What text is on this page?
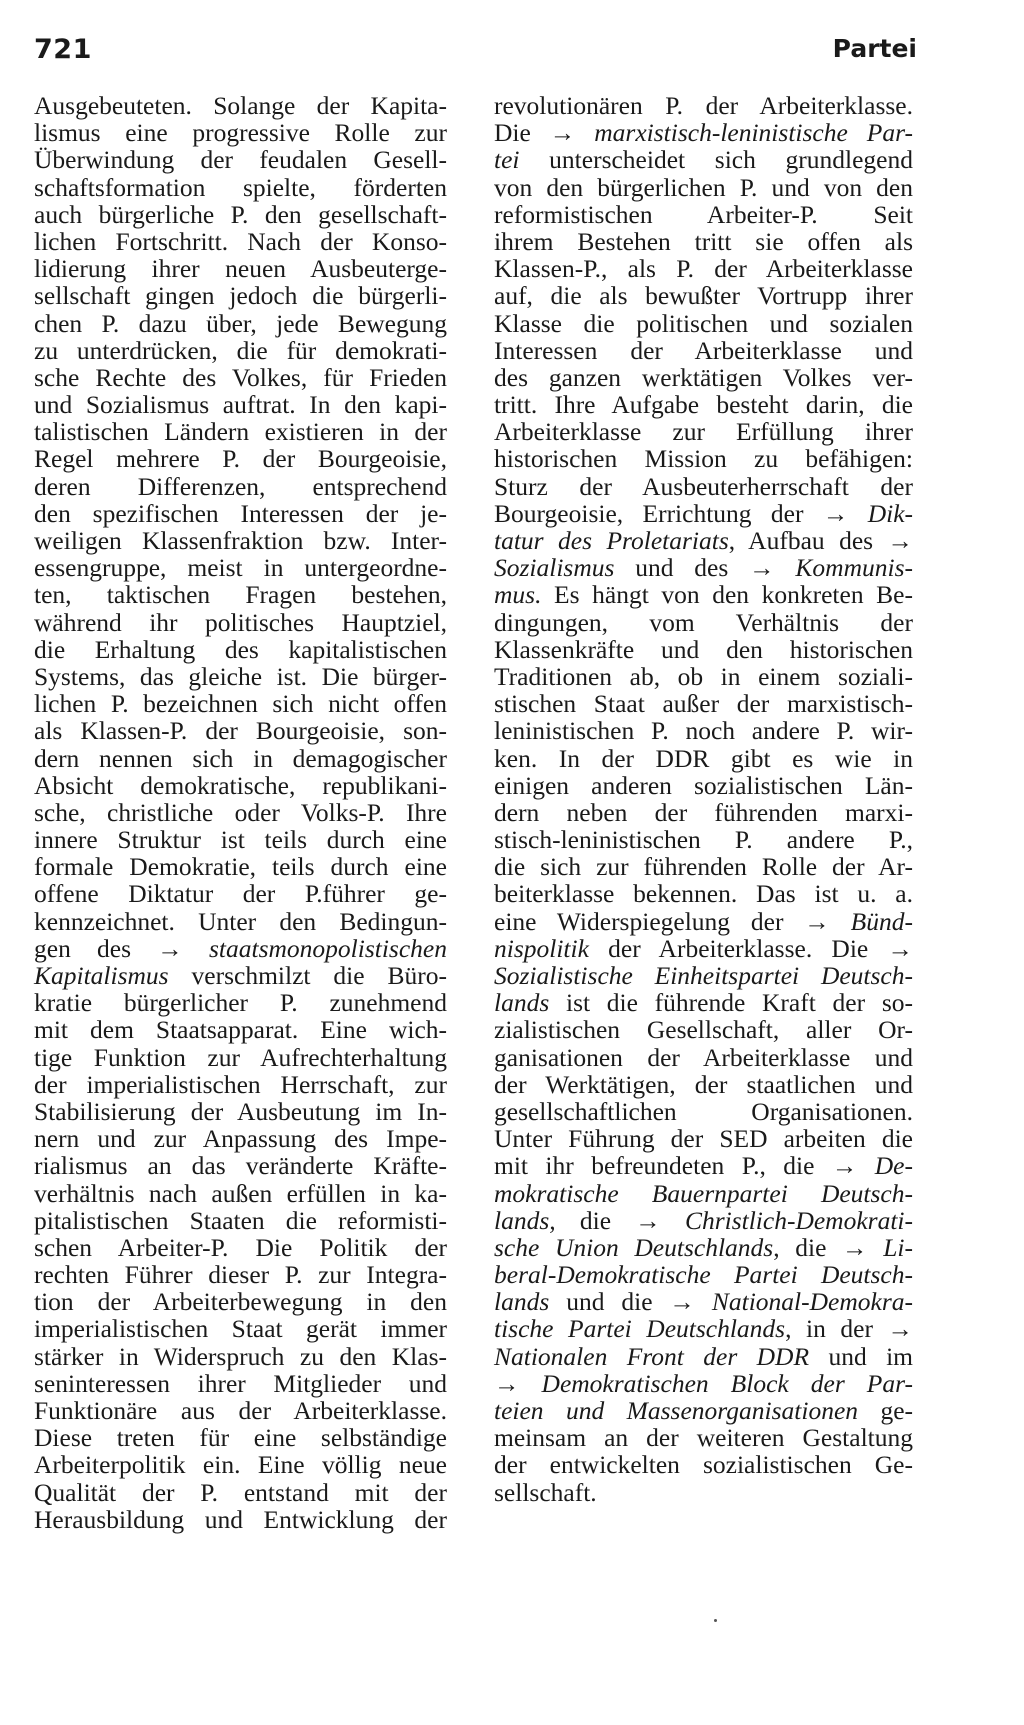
721	Partei
Ausgebeuteten. Solange der Kapita-
lismus eine progressive Rolle zur
Überwindung der feudalen Gesell-
schaftsformation spielte, förderten
auch bürgerliche P. den gesellschaft-
lichen Fortschritt. Nach der Konso-
lidierung ihrer neuen Ausbeuterge-
sellschaft gingen jedoch die bürgerli-
chen P. dazu über, jede Bewegung
zu unterdrücken, die für demokrati-
sche Rechte des Volkes, für Frieden
und Sozialismus auftrat. In den kapi-
talistischen Ländern existieren in der
Regel mehrere P. der Bourgeoisie,
deren Differenzen, entsprechend
den spezifischen Interessen der je-
weiligen Klassenfraktion bzw. Inter-
essengruppe, meist in untergeordne-
ten, taktischen Fragen bestehen,
während ihr politisches Hauptziel,
die Erhaltung des kapitalistischen
Systems, das gleiche ist. Die bürger-
lichen P. bezeichnen sich nicht offen
als Klassen-P. der Bourgeoisie, son-
dern nennen sich in demagogischer
Absicht demokratische, republikani-
sche, christliche oder Volks-P. Ihre
innere Struktur ist teils durch eine
formale Demokratie, teils durch eine
offene Diktatur der P.führer ge-
kennzeichnet. Unter den Bedingun-
gen des → staatsmonopolistischen
Kapitalismus verschmilzt die Büro-
kratie bürgerlicher P. zunehmend
mit dem Staatsapparat. Eine wich-
tige Funktion zur Aufrechterhaltung
der imperialistischen Herrschaft, zur
Stabilisierung der Ausbeutung im In-
nern und zur Anpassung des Impe-
rialismus an das veränderte Kräfte-
verhältnis nach außen erfüllen in ka-
pitalistischen Staaten die reformisti-
schen Arbeiter-P. Die Politik der
rechten Führer dieser P. zur Integra-
tion der Arbeiterbewegung in den
imperialistischen Staat gerät immer
stärker in Widerspruch zu den Klas-
seninteressen ihrer Mitglieder und
Funktionäre aus der Arbeiterklasse.
Diese treten für eine selbständige
Arbeiterpolitik ein. Eine völlig neue
Qualität der P. entstand mit der
Herausbildung und Entwicklung der
revolutionären P. der Arbeiterklasse.
Die → marxistisch-leninistische Par-
tei unterscheidet sich grundlegend
von den bürgerlichen P. und von den
reformistischen Arbeiter-P. Seit
ihrem Bestehen tritt sie offen als
Klassen-P., als P. der Arbeiterklasse
auf, die als bewußter Vortrupp ihrer
Klasse die politischen und sozialen
Interessen der Arbeiterklasse und
des ganzen werktätigen Volkes ver-
tritt. Ihre Aufgabe besteht darin, die
Arbeiterklasse zur Erfüllung ihrer
historischen Mission zu befähigen:
Sturz der Ausbeuterherrschaft der
Bourgeoisie, Errichtung der → Dik-
tatur des Proletariats, Aufbau des →
Sozialismus und des → Kommunis-
mus. Es hängt von den konkreten Be-
dingungen, vom Verhältnis der
Klassenkräfte und den historischen
Traditionen ab, ob in einem soziali-
stischen Staat außer der marxistisch-
leninistischen P. noch andere P. wir-
ken. In der DDR gibt es wie in
einigen anderen sozialistischen Län-
dern neben der führenden marxi-
stisch-leninistischen P. andere P.,
die sich zur führenden Rolle der Ar-
beiterklasse bekennen. Das ist u. a.
eine Widerspiegelung der → Bünd-
nispolitik der Arbeiterklasse. Die →
Sozialistische Einheitspartei Deutsch-
lands ist die führende Kraft der so-
zialistischen Gesellschaft, aller Or-
ganisationen der Arbeiterklasse und
der Werktätigen, der staatlichen und
gesellschaftlichen Organisationen.
Unter Führung der SED arbeiten die
mit ihr befreundeten P., die → De-
mokratische Bauernpartei Deutsch-
lands, die → Christlich-Demokrati-
sche Union Deutschlands, die → Li-
beral-Demokratische Partei Deutsch-
lands und die → National-Demokra-
tische Partei Deutschlands, in der →
Nationalen Front der DDR und im
→ Demokratischen Block der Par-
teien und Massenorganisationen ge-
meinsam an der weiteren Gestaltung
der entwickelten sozialistischen Ge-
sellschaft.
